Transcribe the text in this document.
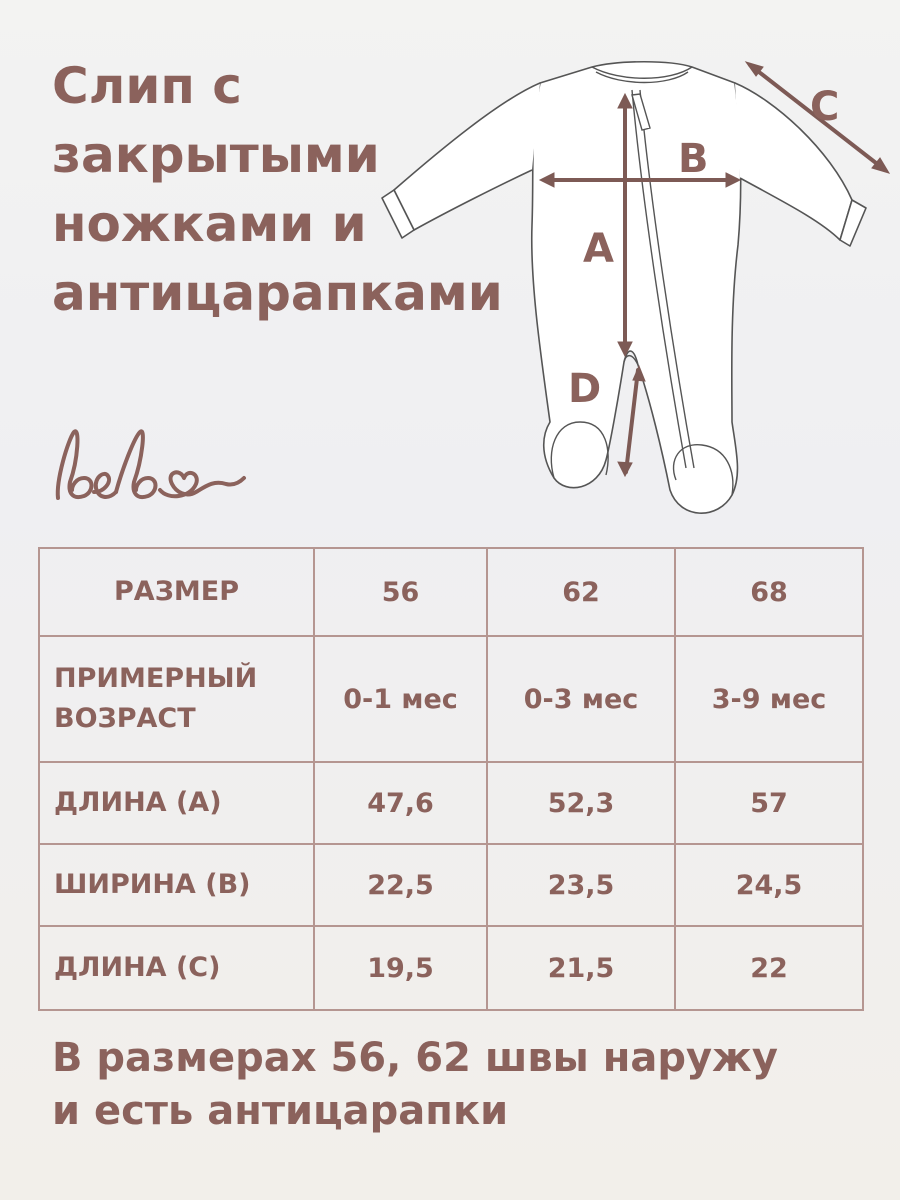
Слип с
закрытыми
ножками и
антицарапками
B
A
C
D
РАЗМЕР	56	62	68

ПРИМЕРНЫЙ
ВОЗРАСТ	0-1 мес	0-3 мес	3-9 мес
ДЛИНА (А)	47,6	52,3	57
ШИРИНА (В)	22,5	23,5	24,5
ДЛИНА (С)	19,5	21,5	22

В размерах 56, 62 швы наружу
и есть антицарапки
